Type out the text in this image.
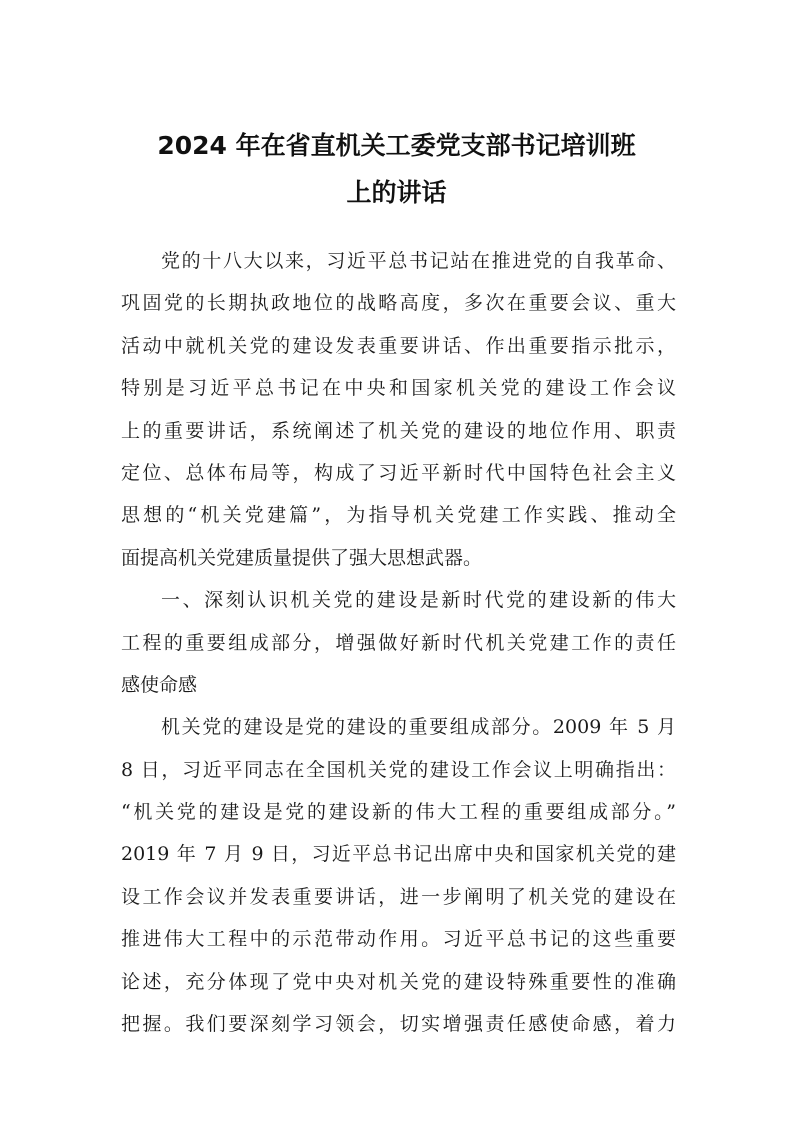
2024 年在省直机关工委党支部书记培训班
上的讲话
党的十八大以来，习近平总书记站在推进党的自我革命、
巩固党的长期执政地位的战略高度，多次在重要会议、重大
活动中就机关党的建设发表重要讲话、作出重要指示批示，
特别是习近平总书记在中央和国家机关党的建设工作会议
上的重要讲话，系统阐述了机关党的建设的地位作用、职责
定位、总体布局等，构成了习近平新时代中国特色社会主义
思想的“机关党建篇”，为指导机关党建工作实践、推动全
面提高机关党建质量提供了强大思想武器。
一、深刻认识机关党的建设是新时代党的建设新的伟大
工程的重要组成部分，增强做好新时代机关党建工作的责任
感使命感
机关党的建设是党的建设的重要组成部分。2009 年 5 月
8 日，习近平同志在全国机关党的建设工作会议上明确指出：
“机关党的建设是党的建设新的伟大工程的重要组成部分。”
2019 年 7 月 9 日，习近平总书记出席中央和国家机关党的建
设工作会议并发表重要讲话，进一步阐明了机关党的建设在
推进伟大工程中的示范带动作用。习近平总书记的这些重要
论述，充分体现了党中央对机关党的建设特殊重要性的准确
把握。我们要深刻学习领会，切实增强责任感使命感，着力
